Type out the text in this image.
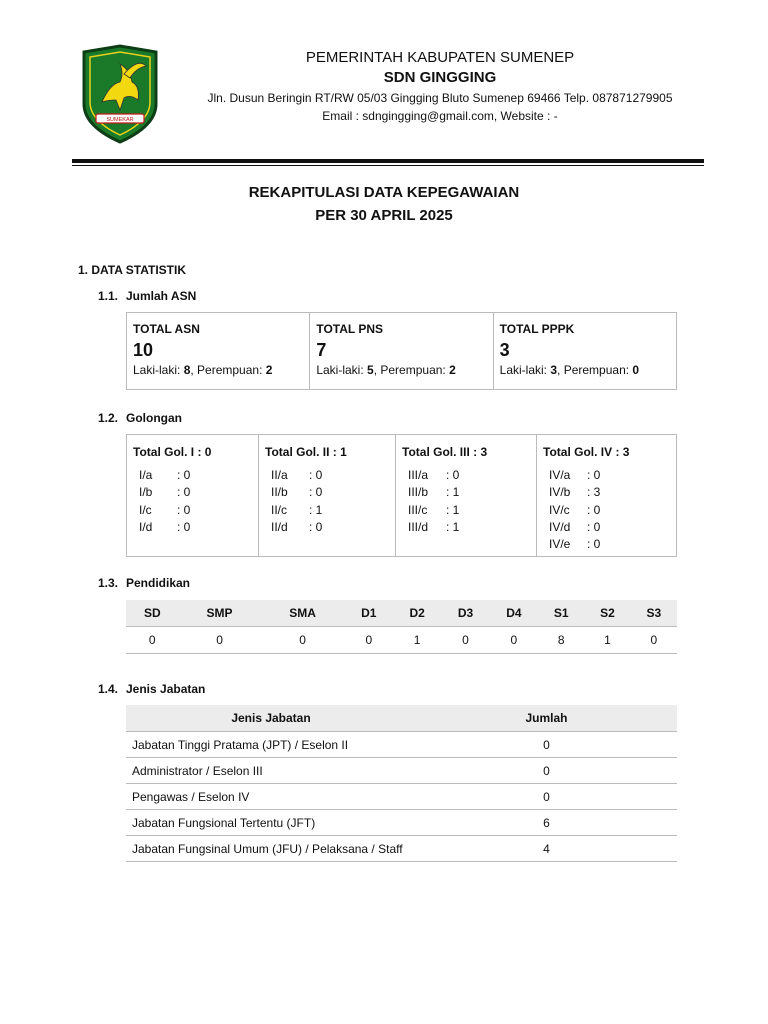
SUMEKAR
PEMERINTAH KABUPATEN SUMENEP
SDN GINGGING
Jln. Dusun Beringin RT/RW 05/03 Gingging Bluto Sumenep 69466 Telp. 087871279905
Email : sdngingging@gmail.com, Website : -
REKAPITULASI DATA KEPEGAWAIAN
PER 30 APRIL 2025
1. DATA STATISTIK
1.1. Jumlah ASN
TOTAL ASN
10
Laki-laki: 8, Perempuan: 2
TOTAL PNS
7
Laki-laki: 5, Perempuan: 2
TOTAL PPPK
3
Laki-laki: 3, Perempuan: 0
1.2. Golongan
Total Gol. I : 0
I/a	: 0
I/b	: 0
I/c	: 0
I/d	: 0
Total Gol. II : 1
II/a	: 0
II/b	: 0
II/c	: 1
II/d	: 0
Total Gol. III : 3
III/a	: 0
III/b	: 1
III/c	: 1
III/d	: 1
Total Gol. IV : 3
IV/a	: 0
IV/b	: 3
IV/c	: 0
IV/d	: 0
IV/e	: 0
1.3. Pendidikan
SD	SMP	SMA	D1	D2	D3	D4	S1	S2	S3
0	0	0	0	1	0	0	8	1	0
1.4. Jenis Jabatan
Jenis Jabatan	Jumlah
Jabatan Tinggi Pratama (JPT) / Eselon II	0
Administrator / Eselon III	0
Pengawas / Eselon IV	0
Jabatan Fungsional Tertentu (JFT)	6
Jabatan Fungsinal Umum (JFU) / Pelaksana / Staff	4
